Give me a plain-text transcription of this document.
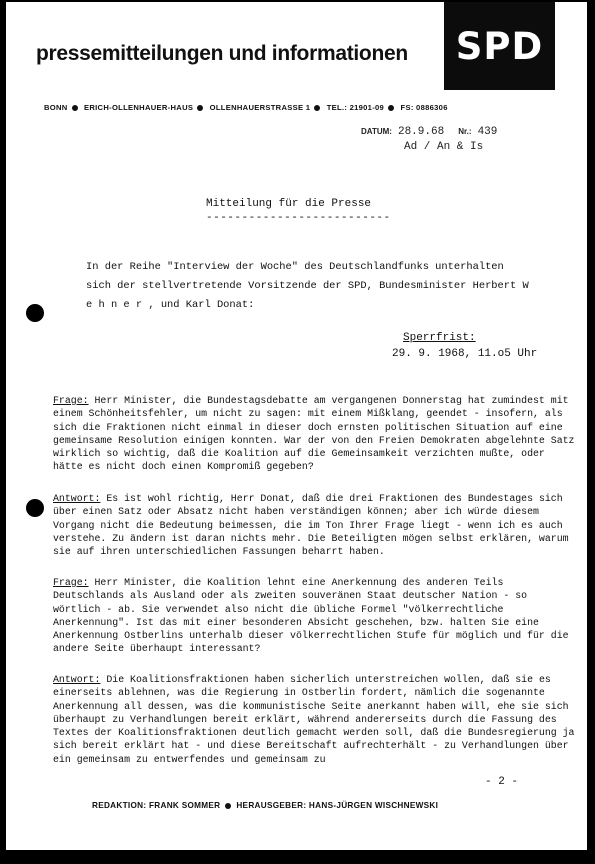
pressemitteilungen und informationen	SPD
BONN ERICH-OLLENHAUER-HAUS OLLENHAUERSTRASSE 1 TEL.: 21901-09 FS: 0886306
DATUM: 28.9.68 Nr.: 439
Ad / An & Is
Mitteilung für die Presse
--------------------------
In der Reihe "Interview der Woche" des Deutschlandfunks unterhalten sich der stellvertretende Vorsitzende der SPD, Bundesminister Herbert W e h n e r , und Karl Donat:
Sperrfrist:
29. 9. 1968, 11.o5 Uhr
Frage: Herr Minister, die Bundestagsdebatte am vergangenen Donnerstag hat zumindest mit einem Schönheitsfehler, um nicht zu sagen: mit einem Mißklang, geendet - insofern, als sich die Fraktionen nicht einmal in dieser doch ernsten politischen Situation auf eine gemeinsame Resolution einigen konnten. War der von den Freien Demokraten abgelehnte Satz wirklich so wichtig, daß die Koalition auf die Gemeinsamkeit verzichten mußte, oder hätte es nicht doch einen Kompromiß gegeben?
Antwort: Es ist wohl richtig, Herr Donat, daß die drei Fraktionen des Bundestages sich über einen Satz oder Absatz nicht haben verständigen können; aber ich würde diesem Vorgang nicht die Bedeutung beimessen, die im Ton Ihrer Frage liegt - wenn ich es auch verstehe. Zu ändern ist daran nichts mehr. Die Beteiligten mögen selbst erklären, warum sie auf ihren unterschiedlichen Fassungen beharrt haben.
Frage: Herr Minister, die Koalition lehnt eine Anerkennung des anderen Teils Deutschlands als Ausland oder als zweiten souveränen Staat deutscher Nation - so wörtlich - ab. Sie verwendet also nicht die übliche Formel "völkerrechtliche Anerkennung". Ist das mit einer besonderen Absicht geschehen, bzw. halten Sie eine Anerkennung Ostberlins unterhalb dieser völkerrechtlichen Stufe für möglich und für die andere Seite überhaupt interessant?
Antwort: Die Koalitionsfraktionen haben sicherlich unterstreichen wollen, daß sie es einerseits ablehnen, was die Regierung in Ostberlin fordert, nämlich die sogenannte Anerkennung all dessen, was die kommunistische Seite anerkannt haben will, ehe sie sich überhaupt zu Verhandlungen bereit erklärt, während andererseits durch die Fassung des Textes der Koalitionsfraktionen deutlich gemacht werden soll, daß die Bundesregierung ja sich bereit erklärt hat - und diese Bereitschaft aufrechterhält - zu Verhandlungen über ein gemeinsam zu entwerfendes und gemeinsam zu
- 2 -
REDAKTION: FRANK SOMMER HERAUSGEBER: HANS-JÜRGEN WISCHNEWSKI
